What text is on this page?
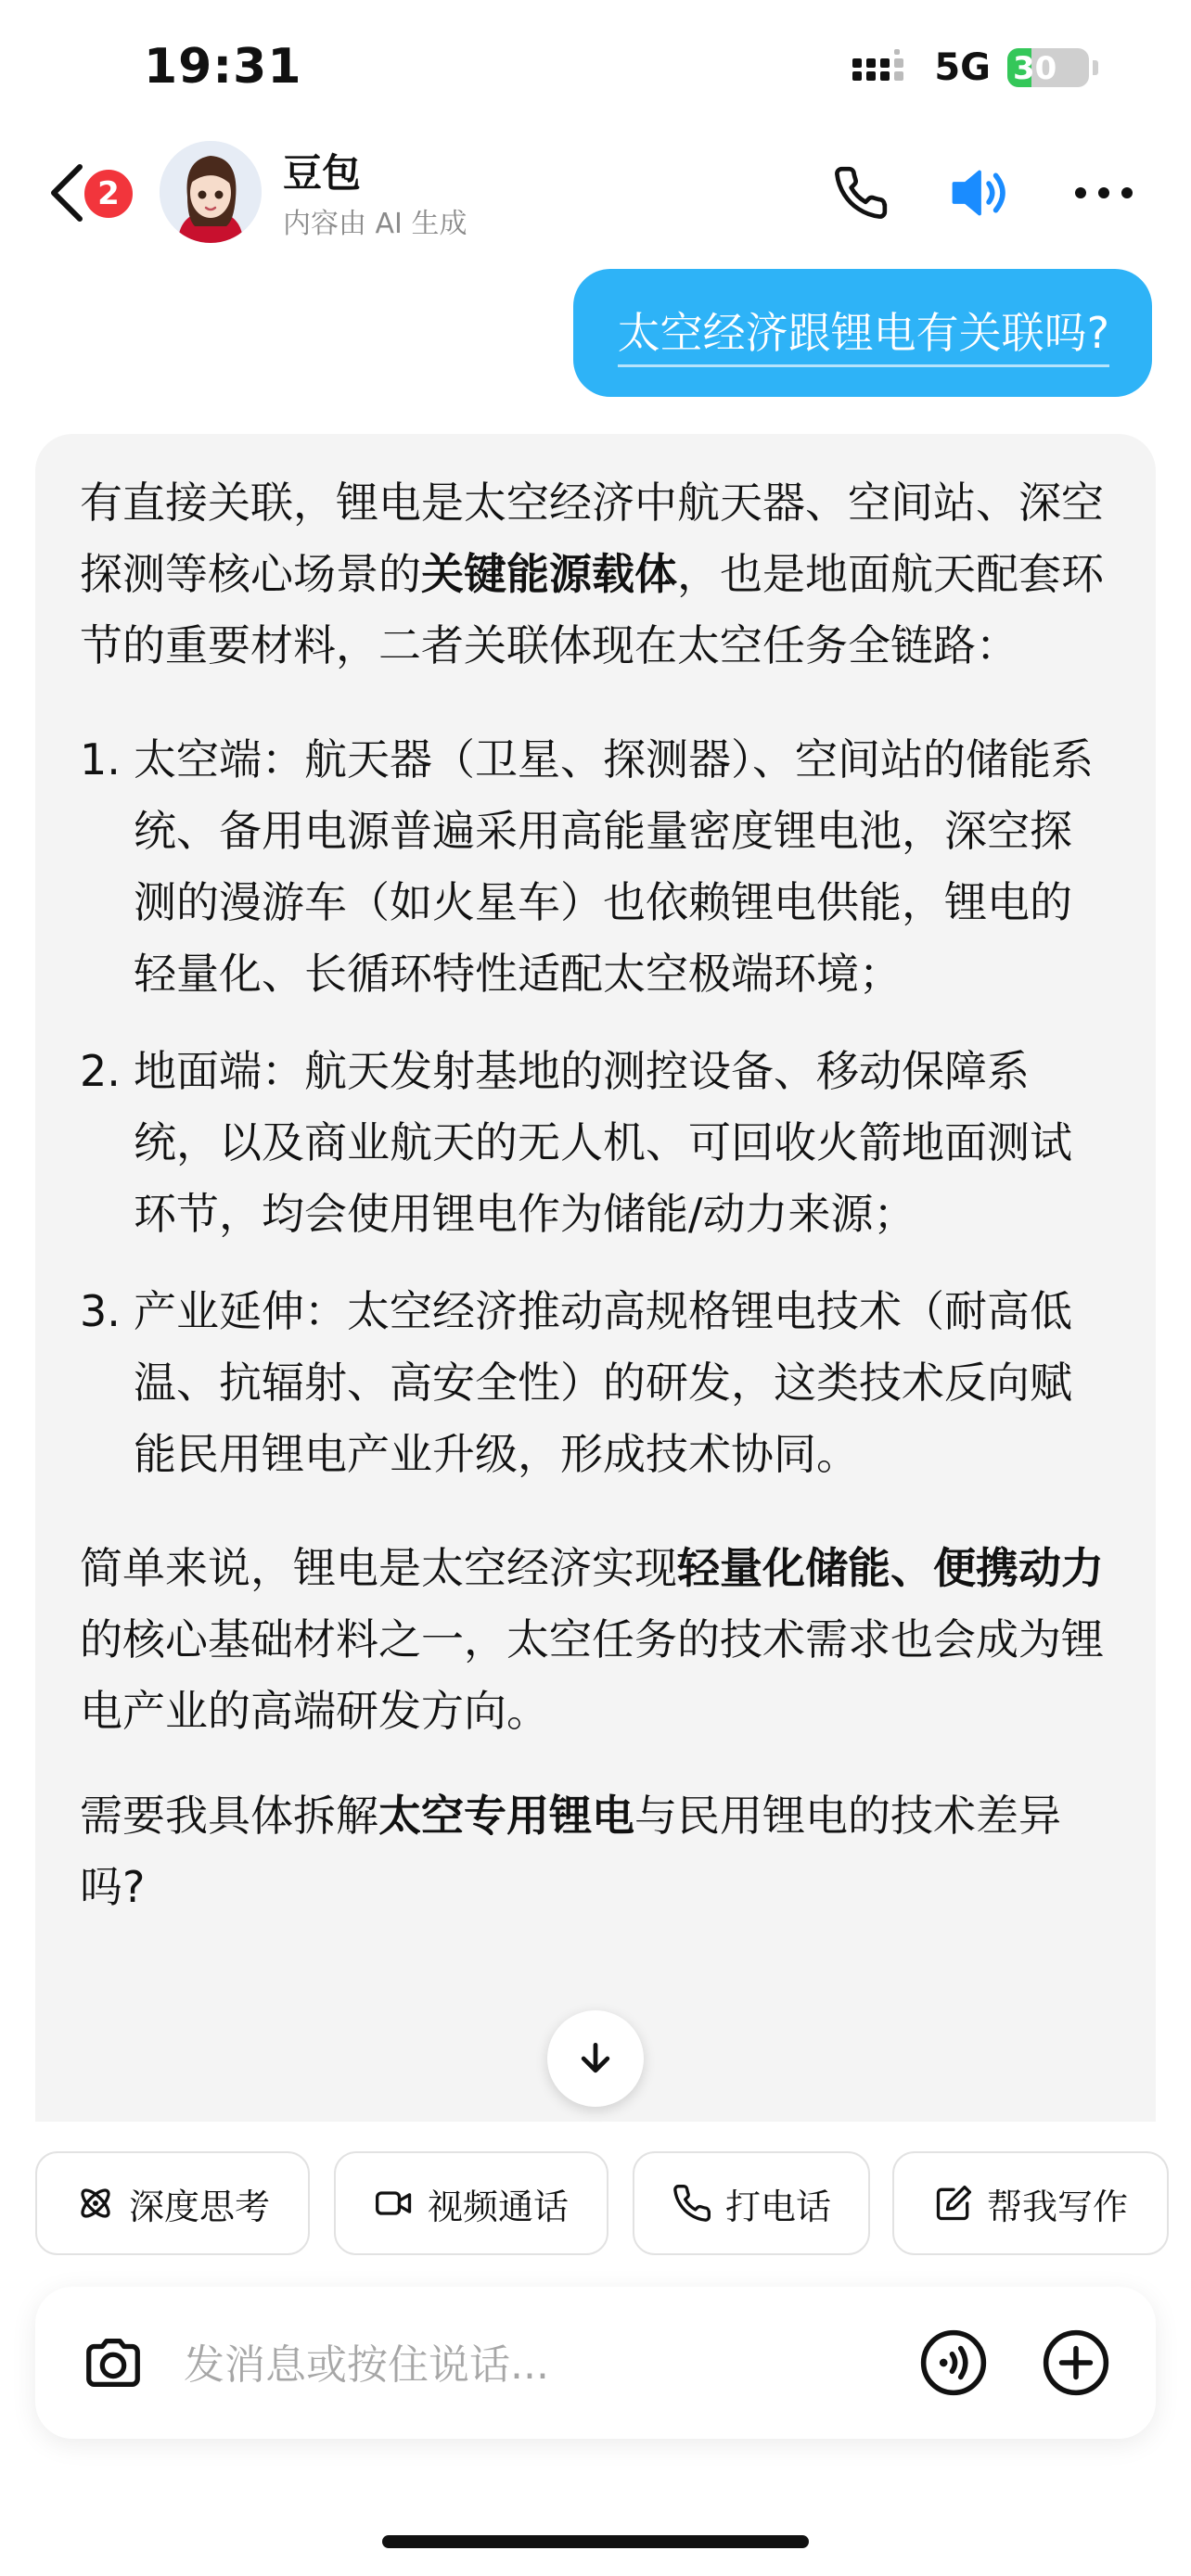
19:31	5G 30
2	豆包
内容由 AI 生成
太空经济跟锂电有关联吗?

有直接关联，锂电是太空经济中航天器、空间站、深空探测等核心场景的关键能源载体，也是地面航天配套环节的重要材料，二者关联体现在太空任务全链路：

1. 太空端：航天器（卫星、探测器）、空间站的储能系统、备用电源普遍采用高能量密度锂电池，深空探测的漫游车（如火星车）也依赖锂电供能，锂电的轻量化、长循环特性适配太空极端环境；
2. 地面端：航天发射基地的测控设备、移动保障系统，以及商业航天的无人机、可回收火箭地面测试环节，均会使用锂电作为储能/动力来源；
3. 产业延伸：太空经济推动高规格锂电技术（耐高低温、抗辐射、高安全性）的研发，这类技术反向赋能民用锂电产业升级，形成技术协同。

简单来说，锂电是太空经济实现轻量化储能、便携动力的核心基础材料之一，太空任务的技术需求也会成为锂电产业的高端研发方向。

需要我具体拆解太空专用锂电与民用锂电的技术差异吗?

深度思考	视频通话	打电话	帮我写作
发消息或按住说话...
